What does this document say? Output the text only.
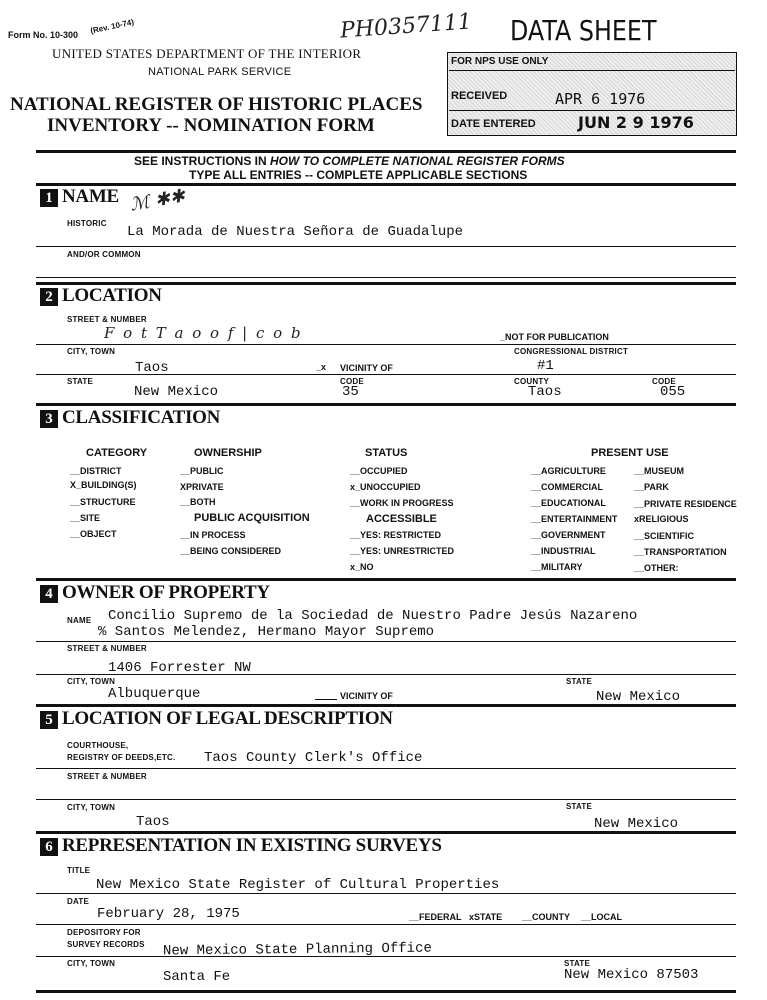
Form No. 10-300 (Rev. 10-74)	PH0357111 DATA SHEET
UNITED STATES DEPARTMENT OF THE INTERIOR
NATIONAL PARK SERVICE
NATIONAL REGISTER OF HISTORIC PLACES
INVENTORY -- NOMINATION FORM
FOR NPS USE ONLY
RECEIVED	APR 6 1976
DATE ENTERED	JUN 2 9 1976
SEE INSTRUCTIONS IN HOW TO COMPLETE NATIONAL REGISTER FORMS
TYPE ALL ENTRIES -- COMPLETE APPLICABLE SECTIONS
1 NAME ℳ ✱✱
HISTORIC
La Morada de Nuestra Señora de Guadalupe
AND/OR COMMON
2 LOCATION
STREET & NUMBER
F o t T a o o f | c o b	_NOT FOR PUBLICATION
CITY, TOWN	CONGRESSIONAL DISTRICT
Taos	_x VICINITY OF	#1
STATE	CODE	COUNTY	CODE
New Mexico	35	Taos	055
3 CLASSIFICATION
CATEGORY
__DISTRICT
X_BUILDING(S)
__STRUCTURE
__SITE
__OBJECT
OWNERSHIP
__PUBLIC
XPRIVATE
__BOTH
PUBLIC ACQUISITION
__IN PROCESS
__BEING CONSIDERED
STATUS
__OCCUPIED
x_UNOCCUPIED
__WORK IN PROGRESS
ACCESSIBLE
__YES: RESTRICTED
__YES: UNRESTRICTED
x_NO
PRESENT USE
__AGRICULTURE
__COMMERCIAL
__EDUCATIONAL
__ENTERTAINMENT
__GOVERNMENT
__INDUSTRIAL
__MILITARY
__MUSEUM
__PARK
__PRIVATE RESIDENCE
xRELIGIOUS
__SCIENTIFIC
__TRANSPORTATION
__OTHER:
4 OWNER OF PROPERTY
NAME Concilio Supremo de la Sociedad de Nuestro Padre Jesús Nazareno
% Santos Melendez, Hermano Mayor Supremo
STREET & NUMBER
1406 Forrester NW
CITY, TOWN	STATE
Albuquerque	VICINITY OF	New Mexico
5 LOCATION OF LEGAL DESCRIPTION
COURTHOUSE,
REGISTRY OF DEEDS,ETC. Taos County Clerk's Office
STREET & NUMBER
CITY, TOWN	STATE
Taos	New Mexico
6 REPRESENTATION IN EXISTING SURVEYS
TITLE
New Mexico State Register of Cultural Properties
DATE
February 28, 1975	__FEDERAL xSTATE __COUNTY __LOCAL
DEPOSITORY FOR
SURVEY RECORDS New Mexico State Planning Office
CITY, TOWN	STATE
Santa Fe	New Mexico 87503
